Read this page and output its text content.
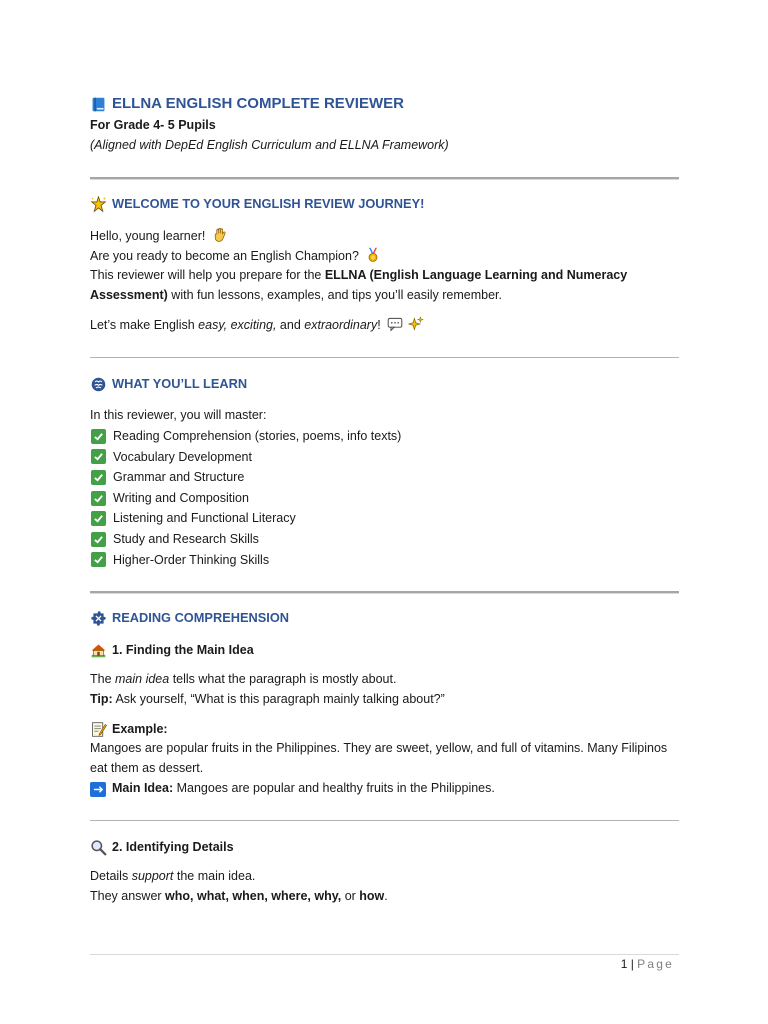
ELLNA ENGLISH COMPLETE REVIEWER
For Grade 4- 5 Pupils
(Aligned with DepEd English Curriculum and ELLNA Framework)
WELCOME TO YOUR ENGLISH REVIEW JOURNEY!
Hello, young learner!
Are you ready to become an English Champion?
This reviewer will help you prepare for the ELLNA (English Language Learning and Numeracy Assessment) with fun lessons, examples, and tips you’ll easily remember.
Let’s make English easy, exciting, and extraordinary!

WHAT YOU’LL LEARN
In this reviewer, you will master:
Reading Comprehension (stories, poems, info texts)
Vocabulary Development
Grammar and Structure
Writing and Composition
Listening and Functional Literacy
Study and Research Skills
Higher-Order Thinking Skills
READING COMPREHENSION
1. Finding the Main Idea
The main idea tells what the paragraph is mostly about.
Tip: Ask yourself, “What is this paragraph mainly talking about?”
Example:
Mangoes are popular fruits in the Philippines. They are sweet, yellow, and full of vitamins. Many Filipinos eat them as dessert.
Main Idea: Mangoes are popular and healthy fruits in the Philippines.
2. Identifying Details
Details support the main idea.
They answer who, what, when, where, why, or how.
1 | Page
